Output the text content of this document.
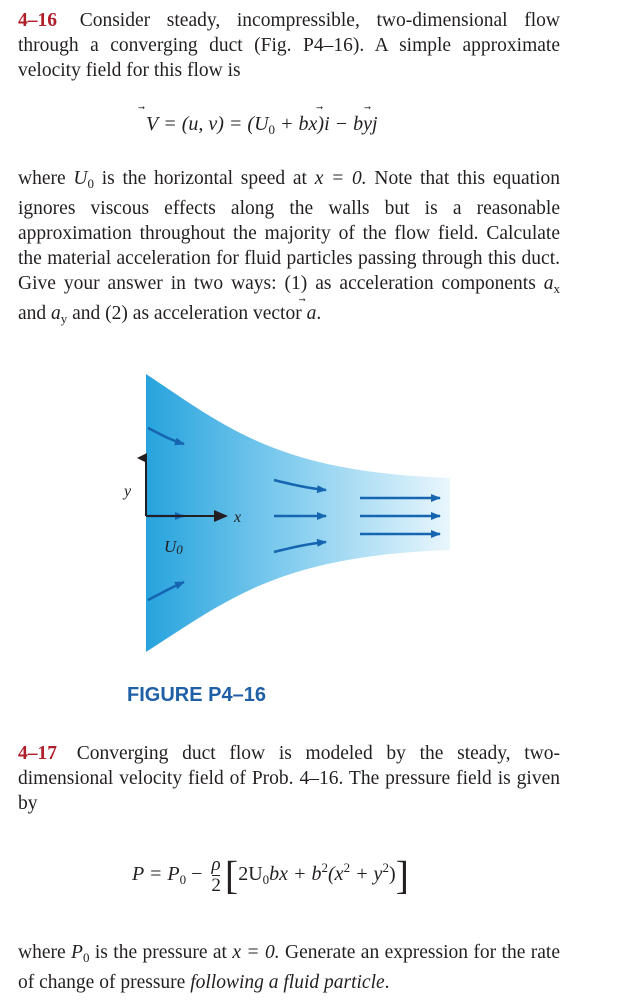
4–16 Consider steady, incompressible, two-dimensional flow through a converging duct (Fig. P4–16). A simple approximate velocity field for this flow is

V = (u, $v) = (U_0 + bx)$
i − by
j

where $U_0$ is the horizontal speed at x = 0. Note that this equation ignores viscous effects along the walls but is a reasonable approximation throughout the majority of the flow field. Calculate the material acceleration for fluid particles passing through this duct. Give your answer in two ways: (1) as acceleration components $a_x$ and $a_y$ and (2) as acceleration vector a.

y
x
U0
FIGURE P4–16

4–17 Converging duct flow is modeled by the steady, two-dimensional velocity field of Prob. 4–16. The pressure field is given by

$P = P_0 - \frac{\rho}{2} [2U_0bx + b^2(x^2 + y^2)]$

where $P_0$ is the pressure at x = 0. Generate an expression for the rate of change of pressure following a fluid particle.
